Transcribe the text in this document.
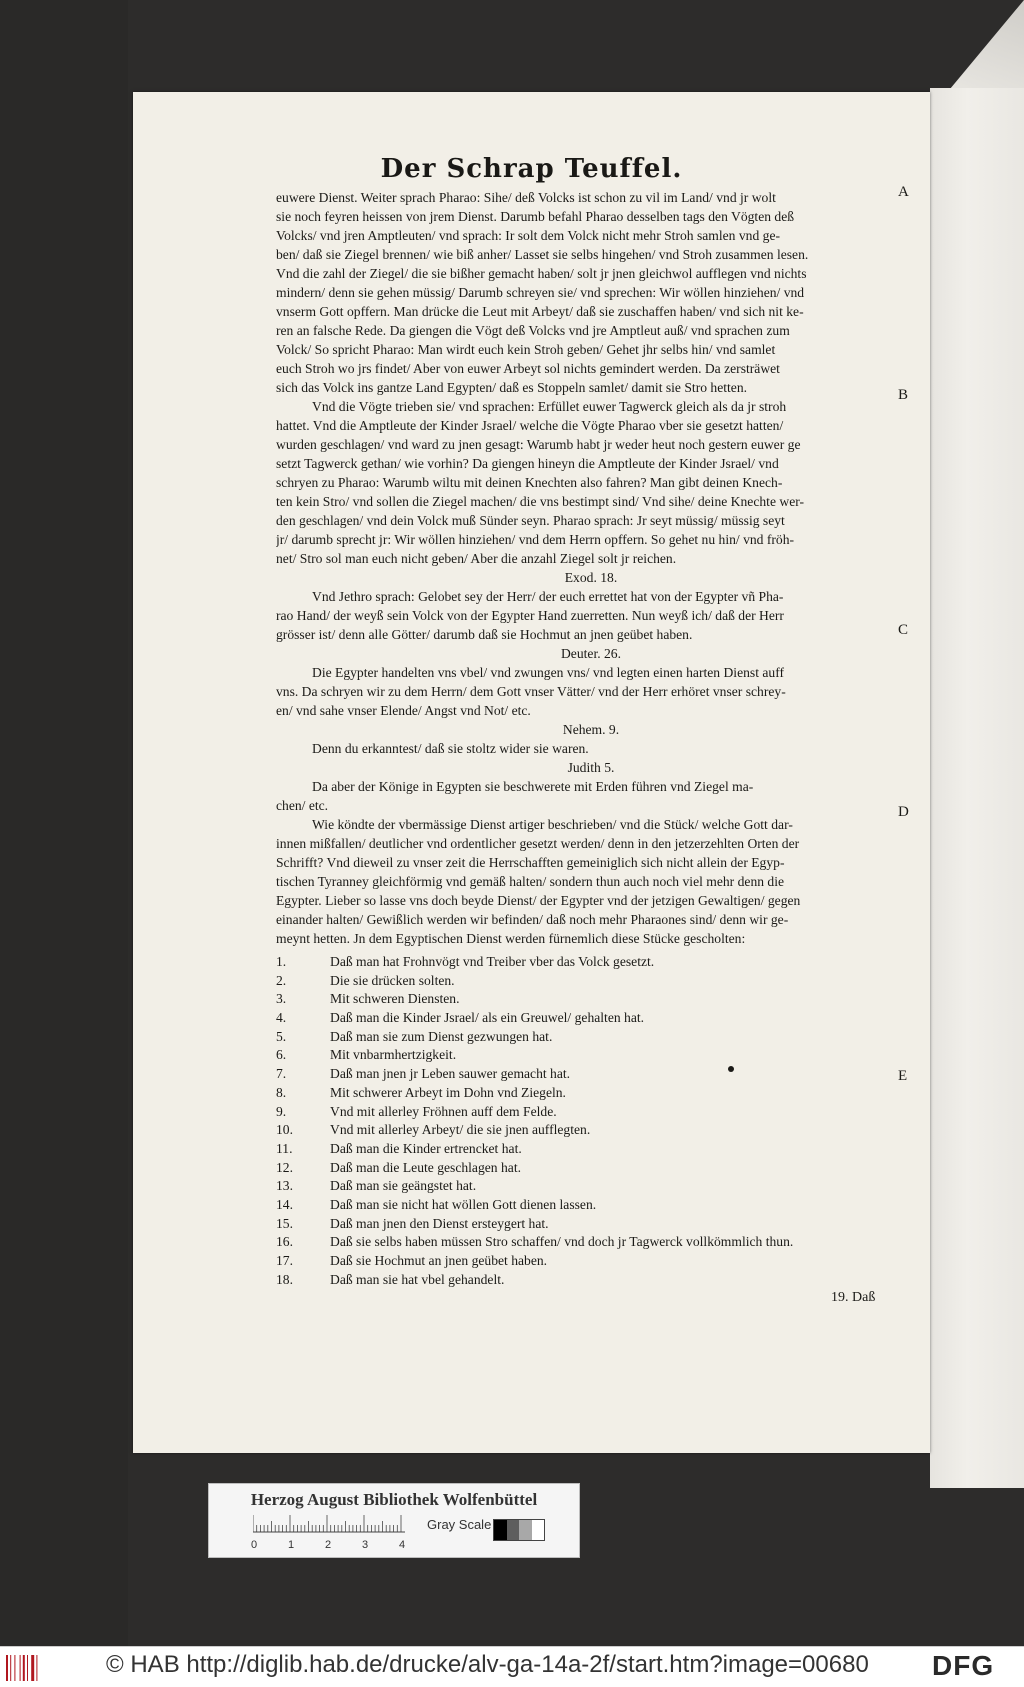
Der Schrap Teuffel.
euwere Dienst. Weiter sprach Pharao: Sihe/ deß Volcks ist schon zu vil im Land/ vnd jr wolt
sie noch feyren heissen von jrem Dienst. Darumb befahl Pharao desselben tags den Vögten deß
Volcks/ vnd jren Amptleuten/ vnd sprach: Ir solt dem Volck nicht mehr Stroh samlen vnd ge-
ben/ daß sie Ziegel brennen/ wie biß anher/ Lasset sie selbs hingehen/ vnd Stroh zusammen lesen.
Vnd die zahl der Ziegel/ die sie bißher gemacht haben/ solt jr jnen gleichwol aufflegen vnd nichts
mindern/ denn sie gehen müssig/ Darumb schreyen sie/ vnd sprechen: Wir wöllen hinziehen/ vnd
vnserm Gott opffern. Man drücke die Leut mit Arbeyt/ daß sie zuschaffen haben/ vnd sich nit ke-
ren an falsche Rede. Da giengen die Vögt deß Volcks vnd jre Amptleut auß/ vnd sprachen zum
Volck/ So spricht Pharao: Man wirdt euch kein Stroh geben/ Gehet jhr selbs hin/ vnd samlet
euch Stroh wo jrs findet/ Aber von euwer Arbeyt sol nichts gemindert werden. Da zersträwet
sich das Volck ins gantze Land Egypten/ daß es Stoppeln samlet/ damit sie Stro hetten.
Vnd die Vögte trieben sie/ vnd sprachen: Erfüllet euwer Tagwerck gleich als da jr stroh
hattet. Vnd die Amptleute der Kinder Jsrael/ welche die Vögte Pharao vber sie gesetzt hatten/
wurden geschlagen/ vnd ward zu jnen gesagt: Warumb habt jr weder heut noch gestern euwer ge
setzt Tagwerck gethan/ wie vorhin? Da giengen hineyn die Amptleute der Kinder Jsrael/ vnd
schryen zu Pharao: Warumb wiltu mit deinen Knechten also fahren? Man gibt deinen Knech-
ten kein Stro/ vnd sollen die Ziegel machen/ die vns bestimpt sind/ Vnd sihe/ deine Knechte wer-
den geschlagen/ vnd dein Volck muß Sünder seyn. Pharao sprach: Jr seyt müssig/ müssig seyt
jr/ darumb sprecht jr: Wir wöllen hinziehen/ vnd dem Herrn opffern. So gehet nu hin/ vnd fröh-
net/ Stro sol man euch nicht geben/ Aber die anzahl Ziegel solt jr reichen.
Exod. 18.
Vnd Jethro sprach: Gelobet sey der Herr/ der euch errettet hat von der Egypter vñ Pha-
rao Hand/ der weyß sein Volck von der Egypter Hand zuerretten. Nun weyß ich/ daß der Herr
grösser ist/ denn alle Götter/ darumb daß sie Hochmut an jnen geübet haben.
Deuter. 26.
Die Egypter handelten vns vbel/ vnd zwungen vns/ vnd legten einen harten Dienst auff
vns. Da schryen wir zu dem Herrn/ dem Gott vnser Vätter/ vnd der Herr erhöret vnser schrey-
en/ vnd sahe vnser Elende/ Angst vnd Not/ etc.
Nehem. 9.
Denn du erkanntest/ daß sie stoltz wider sie waren.
Judith 5.
Da aber der Könige in Egypten sie beschwerete mit Erden führen vnd Ziegel ma-
chen/ etc.
Wie köndte der vbermässige Dienst artiger beschrieben/ vnd die Stück/ welche Gott dar-
innen mißfallen/ deutlicher vnd ordentlicher gesetzt werden/ denn in den jetzerzehlten Orten der
Schrifft? Vnd dieweil zu vnser zeit die Herrschafften gemeiniglich sich nicht allein der Egyp-
tischen Tyranney gleichförmig vnd gemäß halten/ sondern thun auch noch viel mehr denn die
Egypter. Lieber so lasse vns doch beyde Dienst/ der Egypter vnd der jetzigen Gewaltigen/ gegen
einander halten/ Gewißlich werden wir befinden/ daß noch mehr Pharaones sind/ denn wir ge-
meynt hetten. Jn dem Egyptischen Dienst werden fürnemlich diese Stücke gescholten:
A
B
C
D
E
1.	Daß man hat Frohnvögt vnd Treiber vber das Volck gesetzt.
2.	Die sie drücken solten.
3.	Mit schweren Diensten.
4.	Daß man die Kinder Jsrael/ als ein Greuwel/ gehalten hat.
5.	Daß man sie zum Dienst gezwungen hat.
6.	Mit vnbarmhertzigkeit.
7.	Daß man jnen jr Leben sauwer gemacht hat.
8.	Mit schwerer Arbeyt im Dohn vnd Ziegeln.
9.	Vnd mit allerley Fröhnen auff dem Felde.
10.	Vnd mit allerley Arbeyt/ die sie jnen aufflegten.
11.	Daß man die Kinder ertrencket hat.
12.	Daß man die Leute geschlagen hat.
13.	Daß man sie geängstet hat.
14.	Daß man sie nicht hat wöllen Gott dienen lassen.
15.	Daß man jnen den Dienst ersteygert hat.
16.	Daß sie selbs haben müssen Stro schaffen/ vnd doch jr Tagwerck vollkömmlich thun.
17.	Daß sie Hochmut an jnen geübet haben.
18.	Daß man sie hat vbel gehandelt.
19. Daß
Herzog August Bibliothek Wolfenbüttel
0	1	2	3	4
Gray Scale
© HAB http://diglib.hab.de/drucke/alv-ga-14a-2f/start.htm?image=00680 DFG
